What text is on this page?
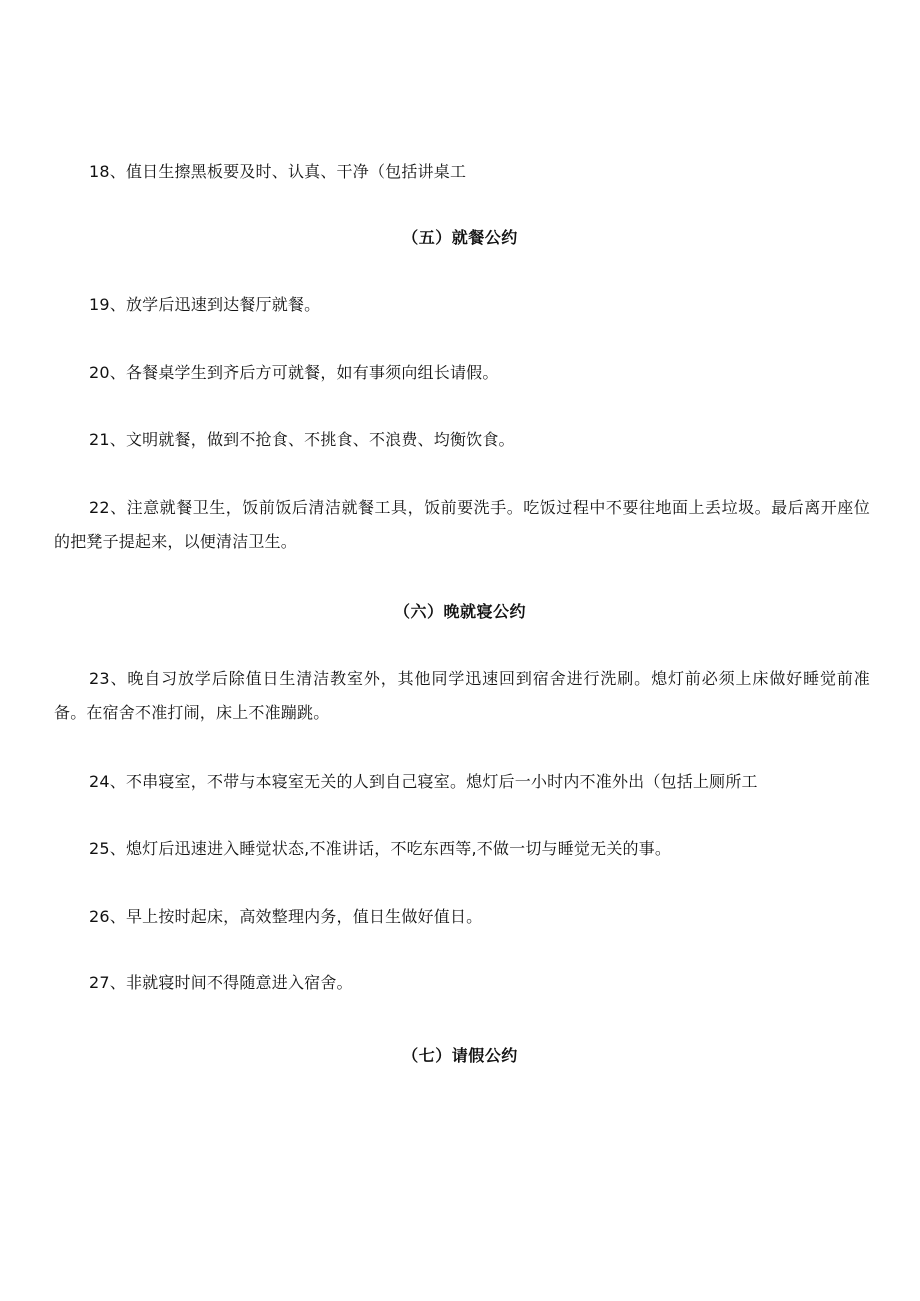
18、值日生擦黑板要及时、认真、干净（包括讲桌工
（五）就餐公约
19、放学后迅速到达餐厅就餐。
20、各餐桌学生到齐后方可就餐，如有事须向组长请假。
21、文明就餐，做到不抢食、不挑食、不浪费、均衡饮食。
22、注意就餐卫生，饭前饭后清洁就餐工具，饭前要洗手。吃饭过程中不要往地面上丢垃圾。最后离开座位的把凳子提起来，以便清洁卫生。
（六）晚就寝公约
23、晚自习放学后除值日生清洁教室外，其他同学迅速回到宿舍进行洗刷。熄灯前必须上床做好睡觉前准备。在宿舍不准打闹，床上不准蹦跳。
24、不串寝室，不带与本寝室无关的人到自己寝室。熄灯后一小时内不准外出（包括上厕所工
25、熄灯后迅速进入睡觉状态,不准讲话，不吃东西等,不做一切与睡觉无关的事。
26、早上按时起床，高效整理内务，值日生做好值日。
27、非就寝时间不得随意进入宿舍。
（七）请假公约
